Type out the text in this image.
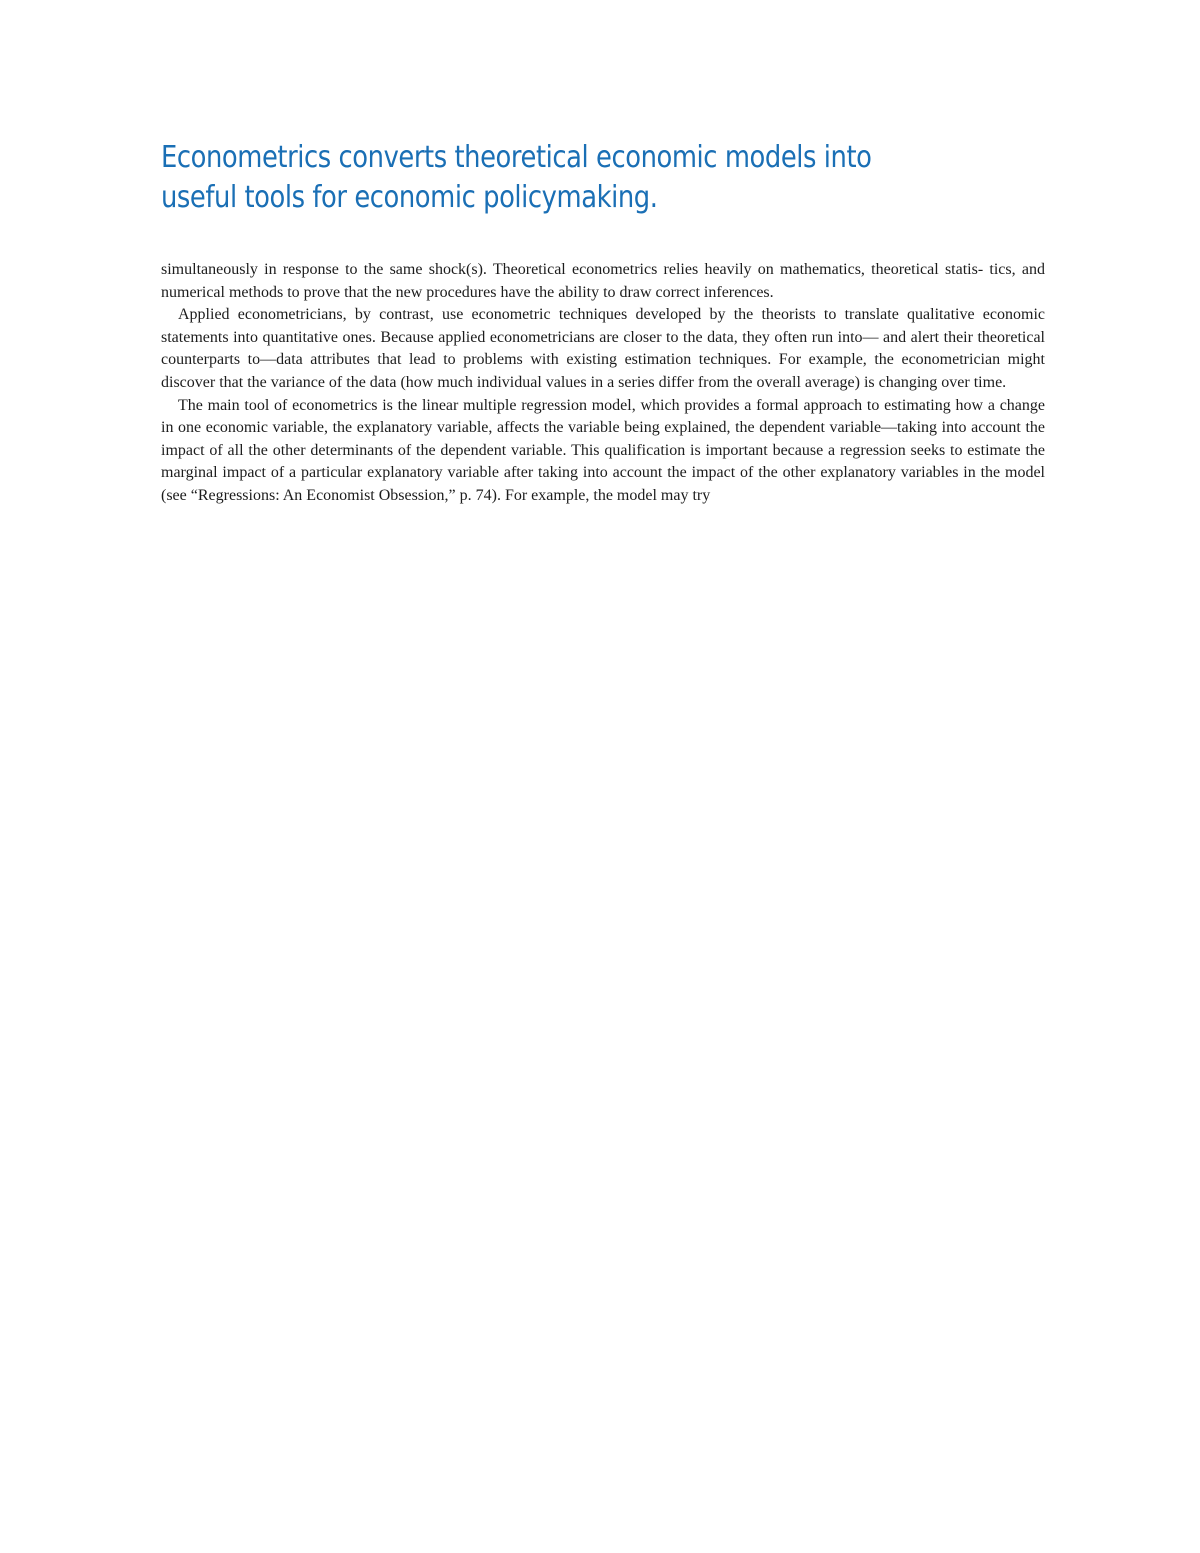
Econometrics converts theoretical economic models into useful tools for economic policymaking.

simultaneously in response to the same shock(s). Theoretical econometrics relies heavily on mathematics, theoretical statis- tics, and numerical methods to prove that the new procedures have the ability to draw correct inferences.

Applied econometricians, by contrast, use econometric techniques developed by the theorists to translate qualitative economic statements into quantitative ones. Because applied econometricians are closer to the data, they often run into— and alert their theoretical counterparts to—data attributes that lead to problems with existing estimation techniques. For example, the econometrician might discover that the variance of the data (how much individual values in a series differ from the overall average) is changing over time.

The main tool of econometrics is the linear multiple regression model, which provides a formal approach to estimating how a change in one economic variable, the explanatory variable, affects the variable being explained, the dependent variable—taking into account the impact of all the other determinants of the dependent variable. This qualification is important because a regression seeks to estimate the marginal impact of a particular explanatory variable after taking into account the impact of the other explanatory variables in the model (see “Regressions: An Economist Obsession,” p. 74). For example, the model may try
